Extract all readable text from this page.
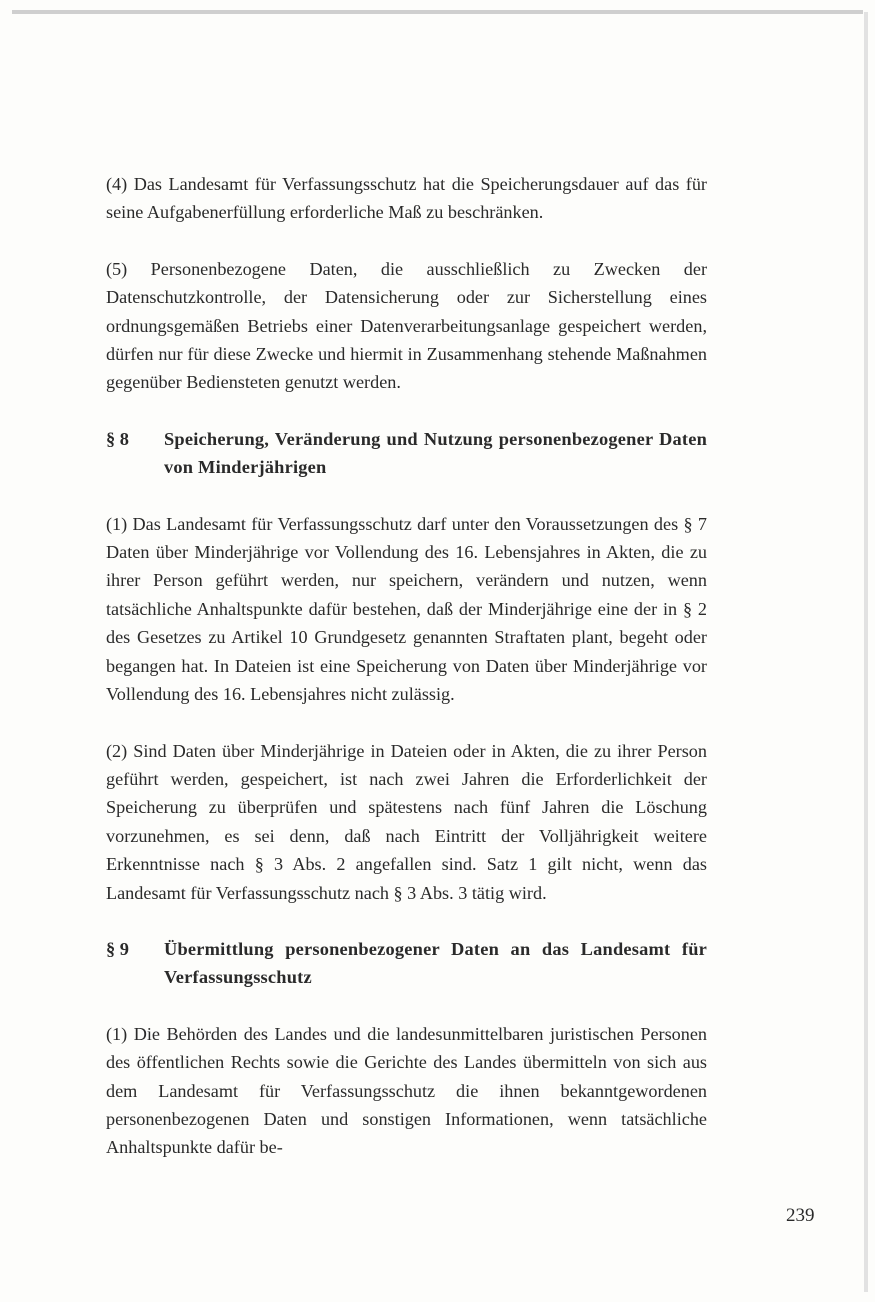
(4) Das Landesamt für Verfassungsschutz hat die Speicherungsdauer auf das für seine Aufgabenerfüllung erforderliche Maß zu beschränken.

(5) Personenbezogene Daten, die ausschließlich zu Zwecken der Datenschutzkontrolle, der Datensicherung oder zur Sicherstellung eines ordnungsgemäßen Betriebs einer Datenverarbeitungsanlage gespeichert werden, dürfen nur für diese Zwecke und hiermit in Zusammenhang stehende Maßnahmen gegenüber Bediensteten genutzt werden.

§ 8	Speicherung, Veränderung und Nutzung personenbezogener Daten von Minderjährigen

(1) Das Landesamt für Verfassungsschutz darf unter den Voraussetzungen des § 7 Daten über Minderjährige vor Vollendung des 16. Lebensjahres in Akten, die zu ihrer Person geführt werden, nur speichern, verändern und nutzen, wenn tatsächliche Anhaltspunkte dafür bestehen, daß der Minderjährige eine der in § 2 des Gesetzes zu Artikel 10 Grundgesetz genannten Straftaten plant, begeht oder begangen hat. In Dateien ist eine Speicherung von Daten über Minderjährige vor Vollendung des 16. Lebensjahres nicht zulässig.

(2) Sind Daten über Minderjährige in Dateien oder in Akten, die zu ihrer Person geführt werden, gespeichert, ist nach zwei Jahren die Erforderlichkeit der Speicherung zu überprüfen und spätestens nach fünf Jahren die Löschung vorzunehmen, es sei denn, daß nach Eintritt der Volljährigkeit weitere Erkenntnisse nach § 3 Abs. 2 angefallen sind. Satz 1 gilt nicht, wenn das Landesamt für Verfassungsschutz nach § 3 Abs. 3 tätig wird.

§ 9	Übermittlung personenbezogener Daten an das Landesamt für Verfassungsschutz

(1) Die Behörden des Landes und die landesunmittelbaren juristischen Personen des öffentlichen Rechts sowie die Gerichte des Landes übermitteln von sich aus dem Landesamt für Verfassungsschutz die ihnen bekanntgewordenen personenbezogenen Daten und sonstigen Informationen, wenn tatsächliche Anhaltspunkte dafür be-

239
